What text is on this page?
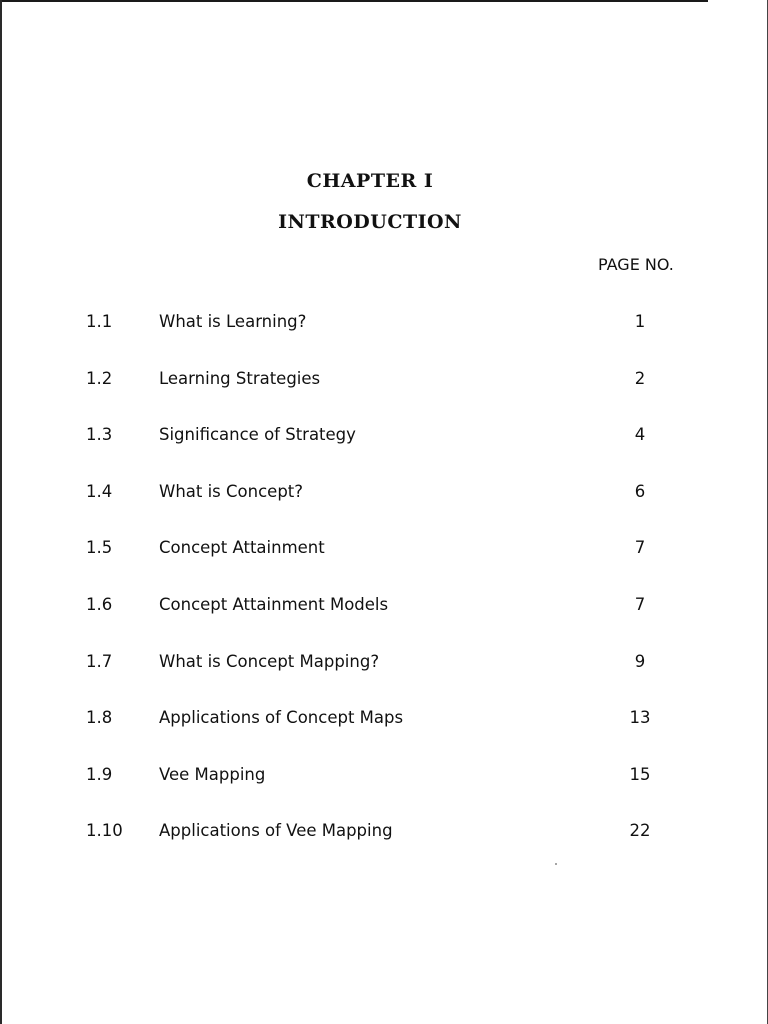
CHAPTER I
INTRODUCTION
PAGE NO.
1.1	What is Learning?	1
1.2	Learning Strategies	2
1.3	Significance of Strategy	4
1.4	What is Concept?	6
1.5	Concept Attainment	7
1.6	Concept Attainment Models	7
1.7	What is Concept Mapping?	9
1.8	Applications of Concept Maps	13
1.9	Vee Mapping	15
1.10 Applications of Vee Mapping	22
